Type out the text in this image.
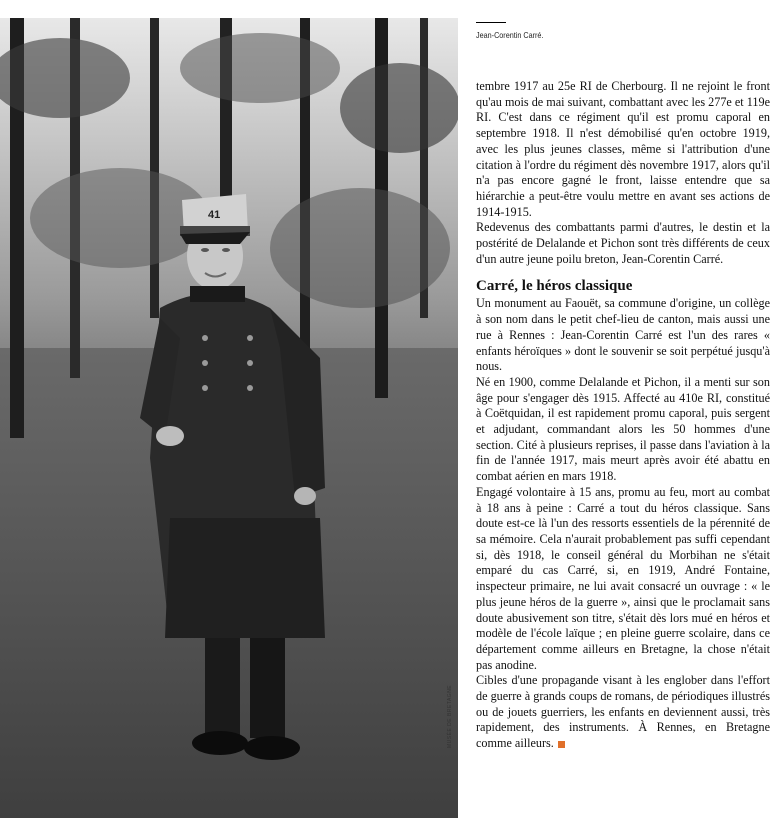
41
MUSÉE DE BRETAGNE
Jean-Corentin Carré.

tembre 1917 au 25e RI de Cherbourg. Il ne rejoint le front qu'au mois de mai suivant, combattant avec les 277e et 119e RI. C'est dans ce régiment qu'il est promu caporal en septembre 1918. Il n'est démobilisé qu'en octobre 1919, avec les plus jeunes classes, même si l'attribution d'une citation à l'ordre du régiment dès novembre 1917, alors qu'il n'a pas encore gagné le front, laisse entendre que sa hiérarchie a peut-être voulu mettre en avant ses actions de 1914-1915.

Redevenus des combattants parmi d'autres, le destin et la postérité de Delalande et Pichon sont très différents de ceux d'un autre jeune poilu breton, Jean-Corentin Carré.

Carré, le héros classique

Un monument au Faouët, sa commune d'origine, un collège à son nom dans le petit chef-lieu de canton, mais aussi une rue à Rennes : Jean-Corentin Carré est l'un des rares « enfants héroïques » dont le souvenir se soit perpétué jusqu'à nous.

Né en 1900, comme Delalande et Pichon, il a menti sur son âge pour s'engager dès 1915. Affecté au 410e RI, constitué à Coëtquidan, il est rapidement promu caporal, puis sergent et adjudant, commandant alors les 50 hommes d'une section. Cité à plusieurs reprises, il passe dans l'aviation à la fin de l'année 1917, mais meurt après avoir été abattu en combat aérien en mars 1918.

Engagé volontaire à 15 ans, promu au feu, mort au combat à 18 ans à peine : Carré a tout du héros classique. Sans doute est-ce là l'un des ressorts essentiels de la pérennité de sa mémoire. Cela n'aurait probablement pas suffi cependant si, dès 1918, le conseil général du Morbihan ne s'était emparé du cas Carré, si, en 1919, André Fontaine, inspecteur primaire, ne lui avait consacré un ouvrage : « le plus jeune héros de la guerre », ainsi que le proclamait sans doute abusivement son titre, s'était dès lors mué en héros et modèle de l'école laïque ; en pleine guerre scolaire, dans ce département comme ailleurs en Bretagne, la chose n'était pas anodine.

Cibles d'une propagande visant à les englober dans l'effort de guerre à grands coups de romans, de périodiques illustrés ou de jouets guerriers, les enfants en deviennent aussi, très rapidement, des instruments. À Rennes, en Bretagne comme ailleurs.
